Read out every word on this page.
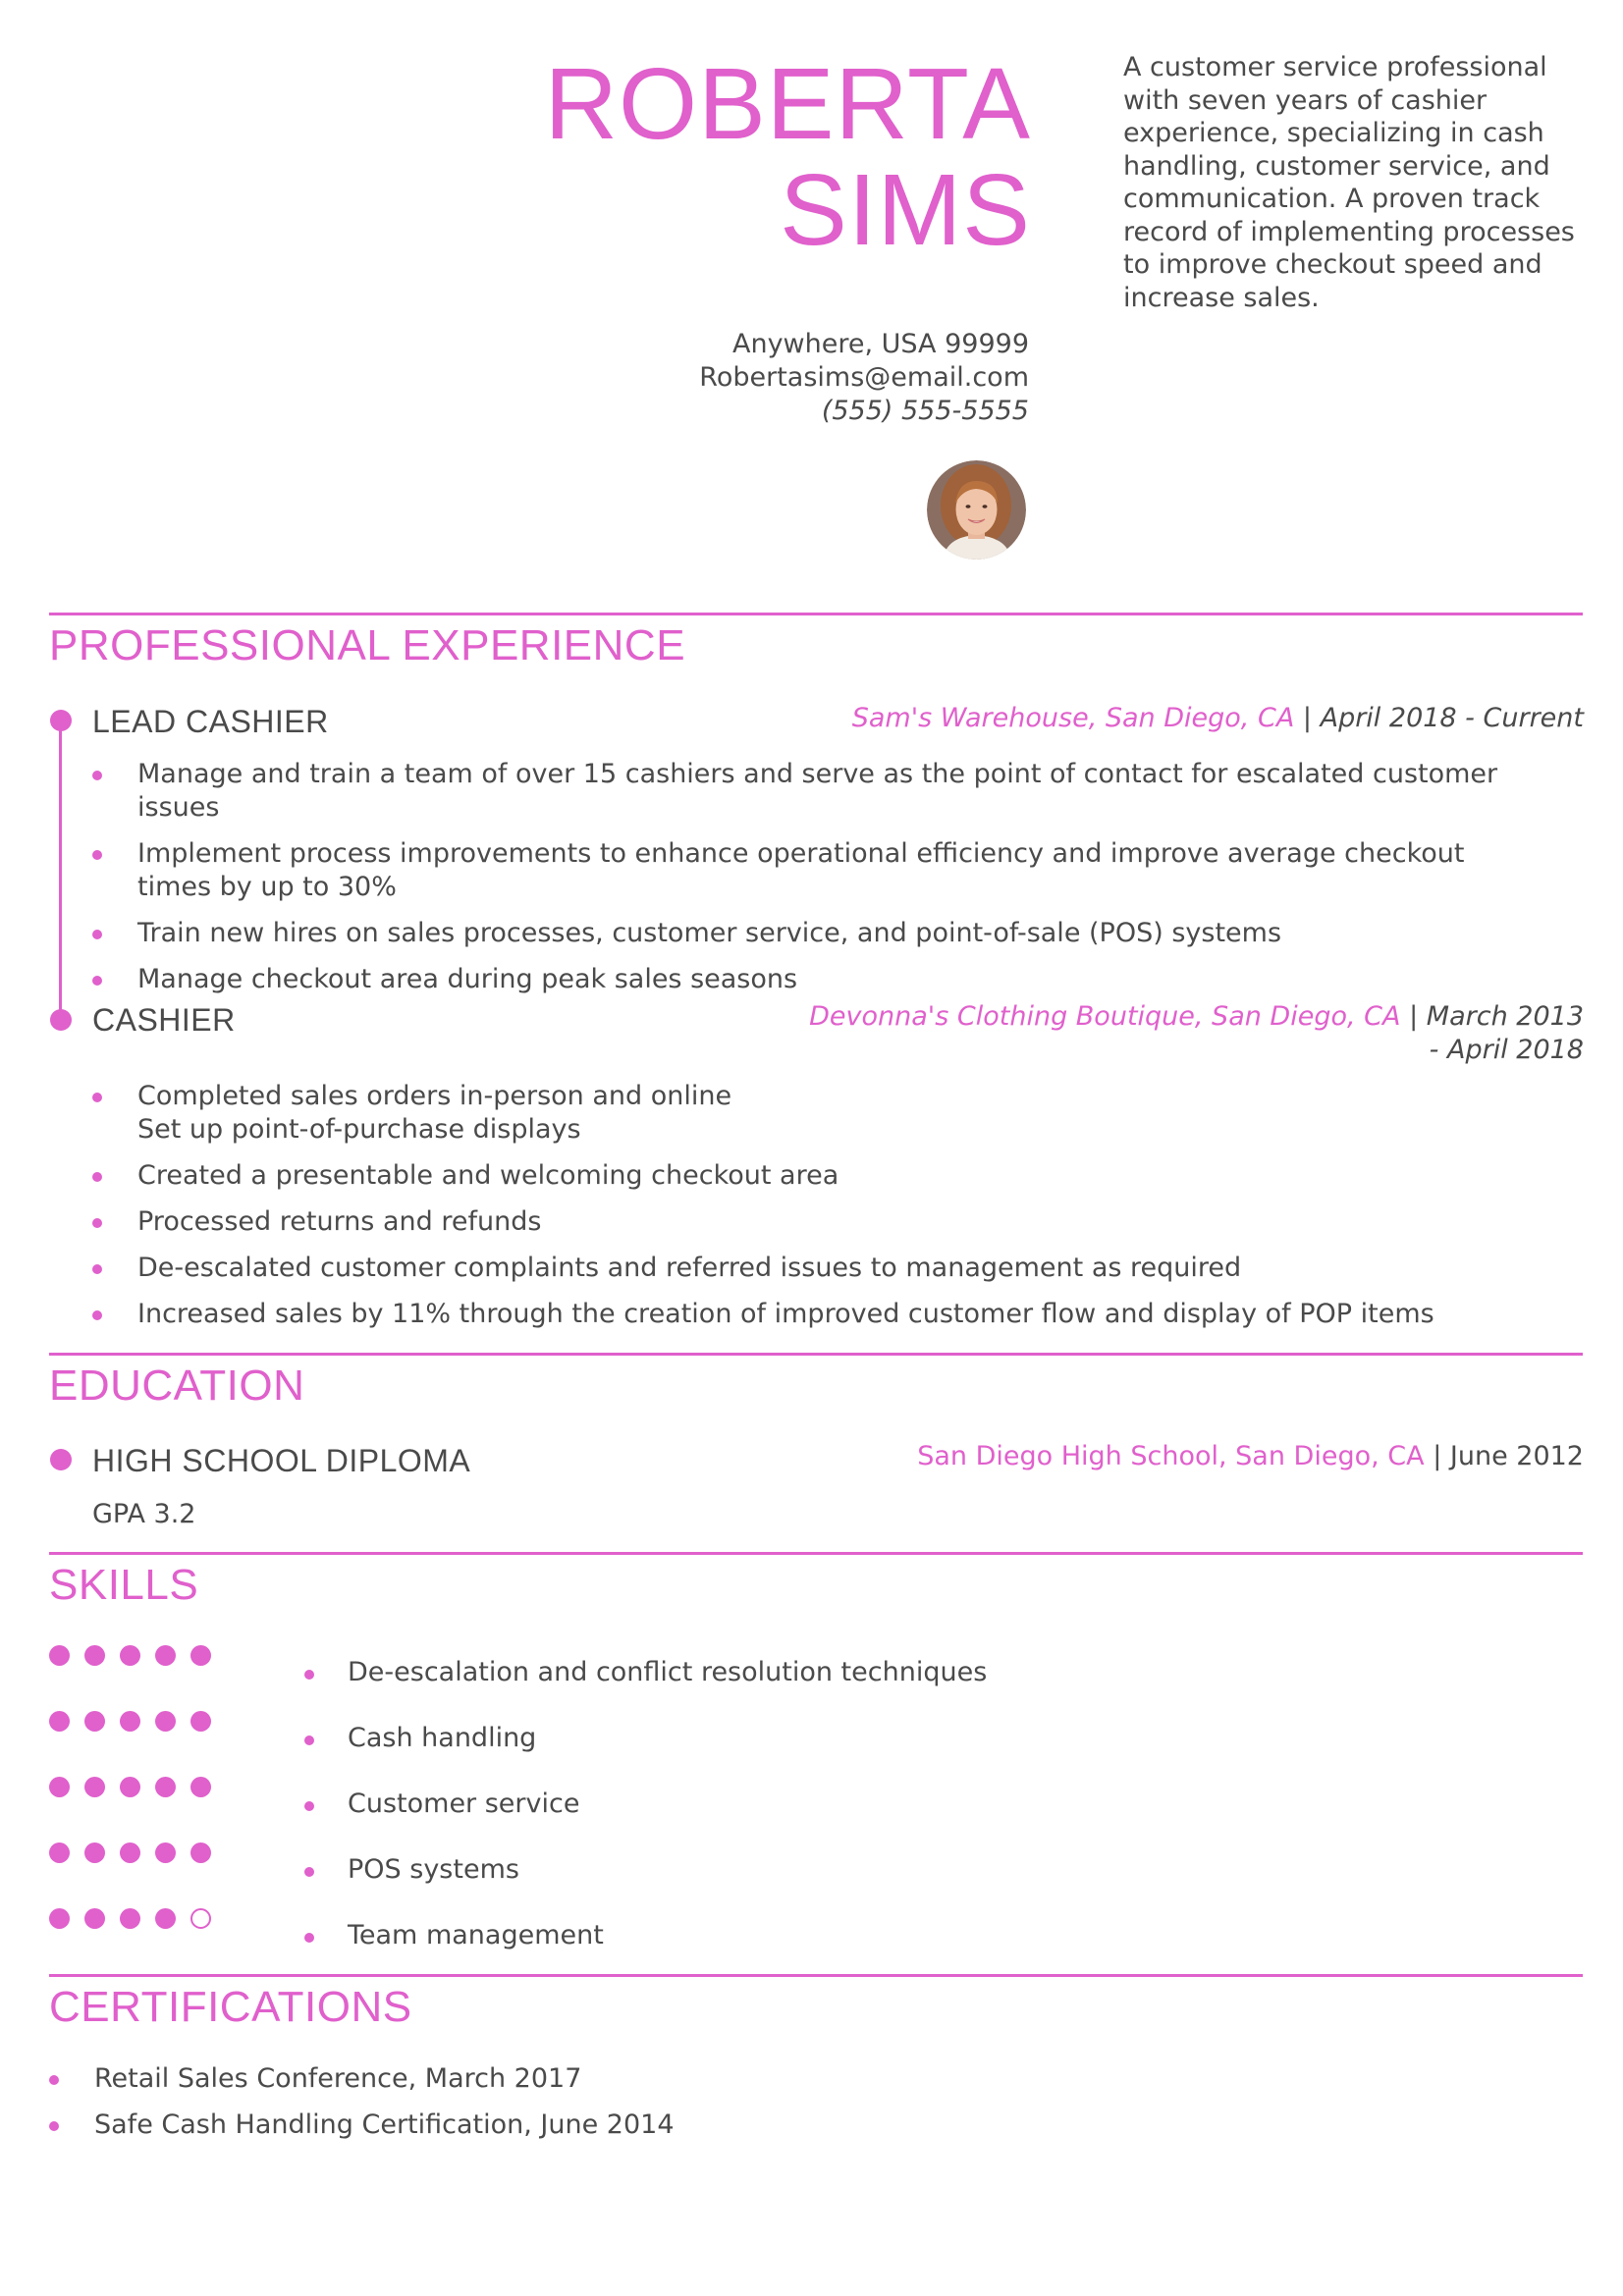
ROBERTA
SIMS
A customer service professional with seven years of cashier experience, specializing in cash handling, customer service, and communication. A proven track record of implementing processes to improve checkout speed and increase sales.
Anywhere, USA 99999
Robertasims@email.com
(555) 555-5555
PROFESSIONAL EXPERIENCE
LEAD CASHIER	Sam's Warehouse, San Diego, CA | April 2018 - Current
Manage and train a team of over 15 cashiers and serve as the point of contact for escalated customer issues
Implement process improvements to enhance operational efficiency and improve average checkout times by up to 30%
Train new hires on sales processes, customer service, and point-of-sale (POS) systems
Manage checkout area during peak sales seasons
CASHIER	Devonna's Clothing Boutique, San Diego, CA | March 2013
- April 2018
Completed sales orders in-person and online
Set up point-of-purchase displays
Created a presentable and welcoming checkout area
Processed returns and refunds
De-escalated customer complaints and referred issues to management as required
Increased sales by 11% through the creation of improved customer flow and display of POP items
EDUCATION
HIGH SCHOOL DIPLOMA	San Diego High School, San Diego, CA | June 2012
GPA 3.2
SKILLS
De-escalation and conflict resolution techniques
Cash handling
Customer service
POS systems
Team management
CERTIFICATIONS
Retail Sales Conference, March 2017
Safe Cash Handling Certification, June 2014
